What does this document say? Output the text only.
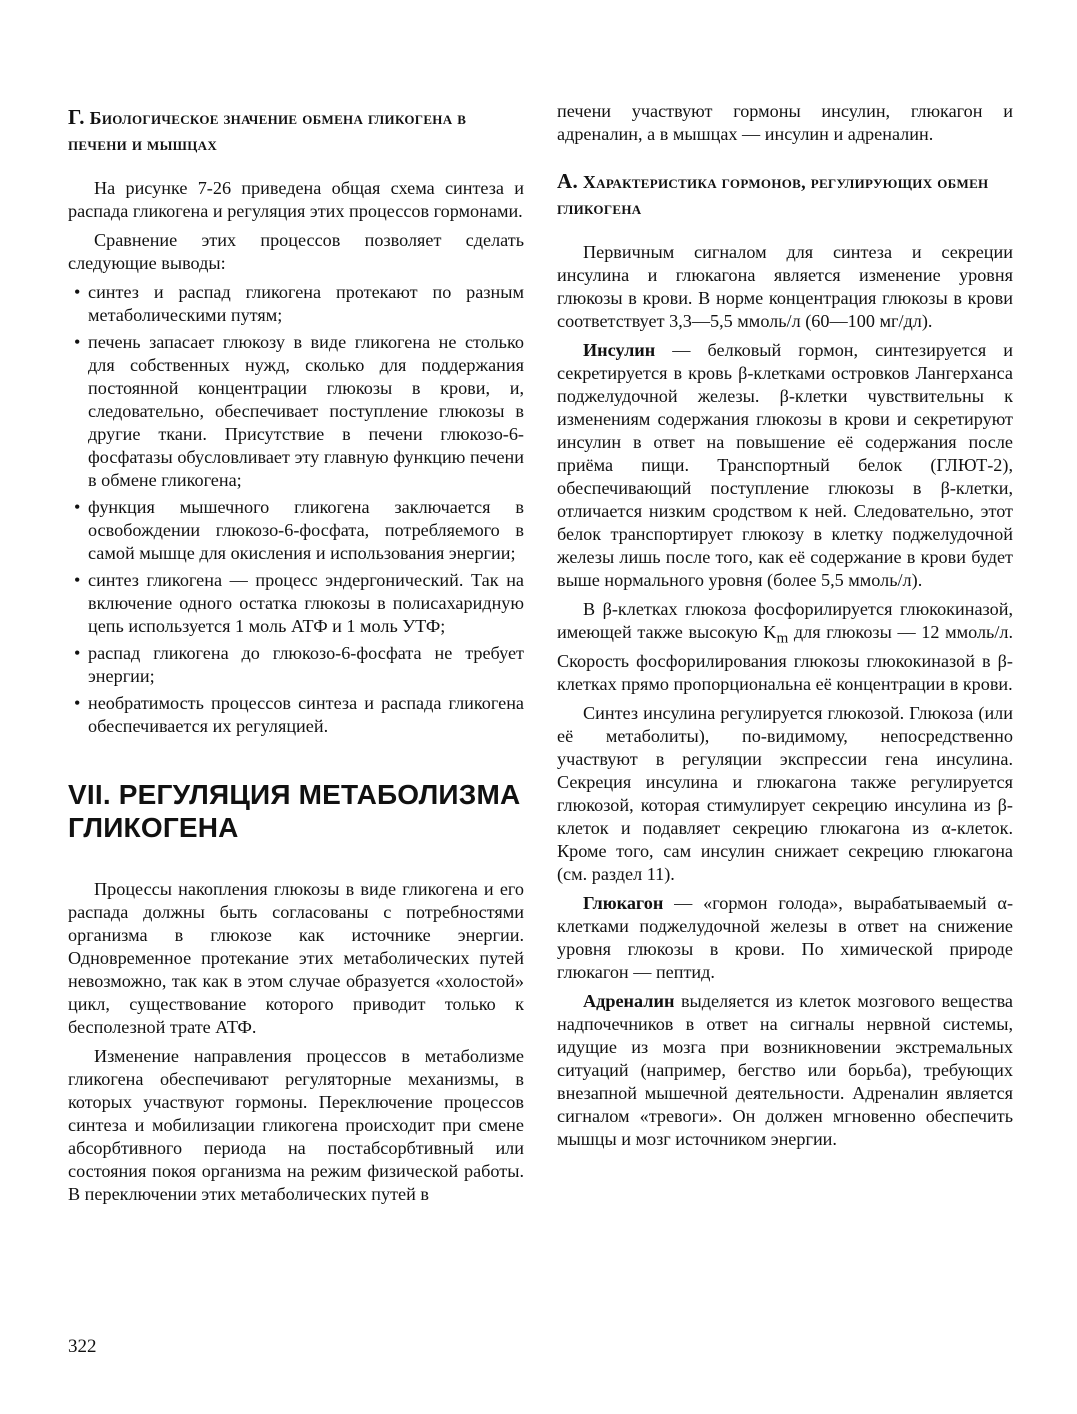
Г. Биологическое значение обмена гликогена в печени и мышцах

На рисунке 7-26 приведена общая схема синтеза и распада гликогена и регуляция этих процессов гормонами.

Сравнение этих процессов позволяет сделать следующие выводы:

• синтез и распад гликогена протекают по разным метаболическими путям;
• печень запасает глюкозу в виде гликогена не столько для собственных нужд, сколько для поддержания постоянной концентрации глюкозы в крови, и, следовательно, обеспечивает поступление глюкозы в другие ткани. Присутствие в печени глюкозо-6-фосфатазы обусловливает эту главную функцию печени в обмене гликогена;
• функция мышечного гликогена заключается в освобождении глюкозо-6-фосфата, потребляемого в самой мышце для окисления и использования энергии;
• синтез гликогена — процесс эндергонический. Так на включение одного остатка глюкозы в полисахаридную цепь используется 1 моль АТФ и 1 моль УТФ;
• распад гликогена до глюкозо-6-фосфата не требует энергии;
• необратимость процессов синтеза и распада гликогена обеспечивается их регуляцией.
VII. РЕГУЛЯЦИЯ МЕТАБОЛИЗМА ГЛИКОГЕНА

Процессы накопления глюкозы в виде гликогена и его распада должны быть согласованы с потребностями организма в глюкозе как источнике энергии. Одновременное протекание этих метаболических путей невозможно, так как в этом случае образуется «холостой» цикл, существование которого приводит только к бесполезной трате АТФ.

Изменение направления процессов в метаболизме гликогена обеспечивают регуляторные механизмы, в которых участвуют гормоны. Переключение процессов синтеза и мобилизации гликогена происходит при смене абсорбтивного периода на постабсорбтивный или состояния покоя организма на режим физической работы. В переключении этих метаболических путей в

печени участвуют гормоны инсулин, глюкагон и адреналин, а в мышцах — инсулин и адреналин.

А. Характеристика гормонов, регулирующих обмен гликогена

Первичным сигналом для синтеза и секреции инсулина и глюкагона является изменение уровня глюкозы в крови. В норме концентрация глюкозы в крови соответствует 3,3—5,5 ммоль/л (60—100 мг/дл).

Инсулин — белковый гормон, синтезируется и секретируется в кровь β-клетками островков Лангерханса поджелудочной железы. β-клетки чувствительны к изменениям содержания глюкозы в крови и секретируют инсулин в ответ на повышение её содержания после приёма пищи. Транспортный белок (ГЛЮТ-2), обеспечивающий поступление глюкозы в β-клетки, отличается низким сродством к ней. Следовательно, этот белок транспортирует глюкозу в клетку поджелудочной железы лишь после того, как её содержание в крови будет выше нормального уровня (более 5,5 ммоль/л).

В β-клетках глюкоза фосфорилируется глюкокиназой, имеющей также высокую $K_m$ для глюкозы — 12 ммоль/л. Скорость фосфорилирования глюкозы глюкокиназой в β-клетках прямо пропорциональна её концентрации в крови.

Синтез инсулина регулируется глюкозой. Глюкоза (или её метаболиты), по-видимому, непосредственно участвуют в регуляции экспрессии гена инсулина. Секреция инсулина и глюкагона также регулируется глюкозой, которая стимулирует секрецию инсулина из β-клеток и подавляет секрецию глюкагона из α-клеток. Кроме того, сам инсулин снижает секрецию глюкагона (см. раздел 11).

Глюкагон — «гормон голода», вырабатываемый α-клетками поджелудочной железы в ответ на снижение уровня глюкозы в крови. По химической природе глюкагон — пептид.

Адреналин выделяется из клеток мозгового вещества надпочечников в ответ на сигналы нервной системы, идущие из мозга при возникновении экстремальных ситуаций (например, бегство или борьба), требующих внезапной мышечной деятельности. Адреналин является сигналом «тревоги». Он должен мгновенно обеспечить мышцы и мозг источником энергии.

322
